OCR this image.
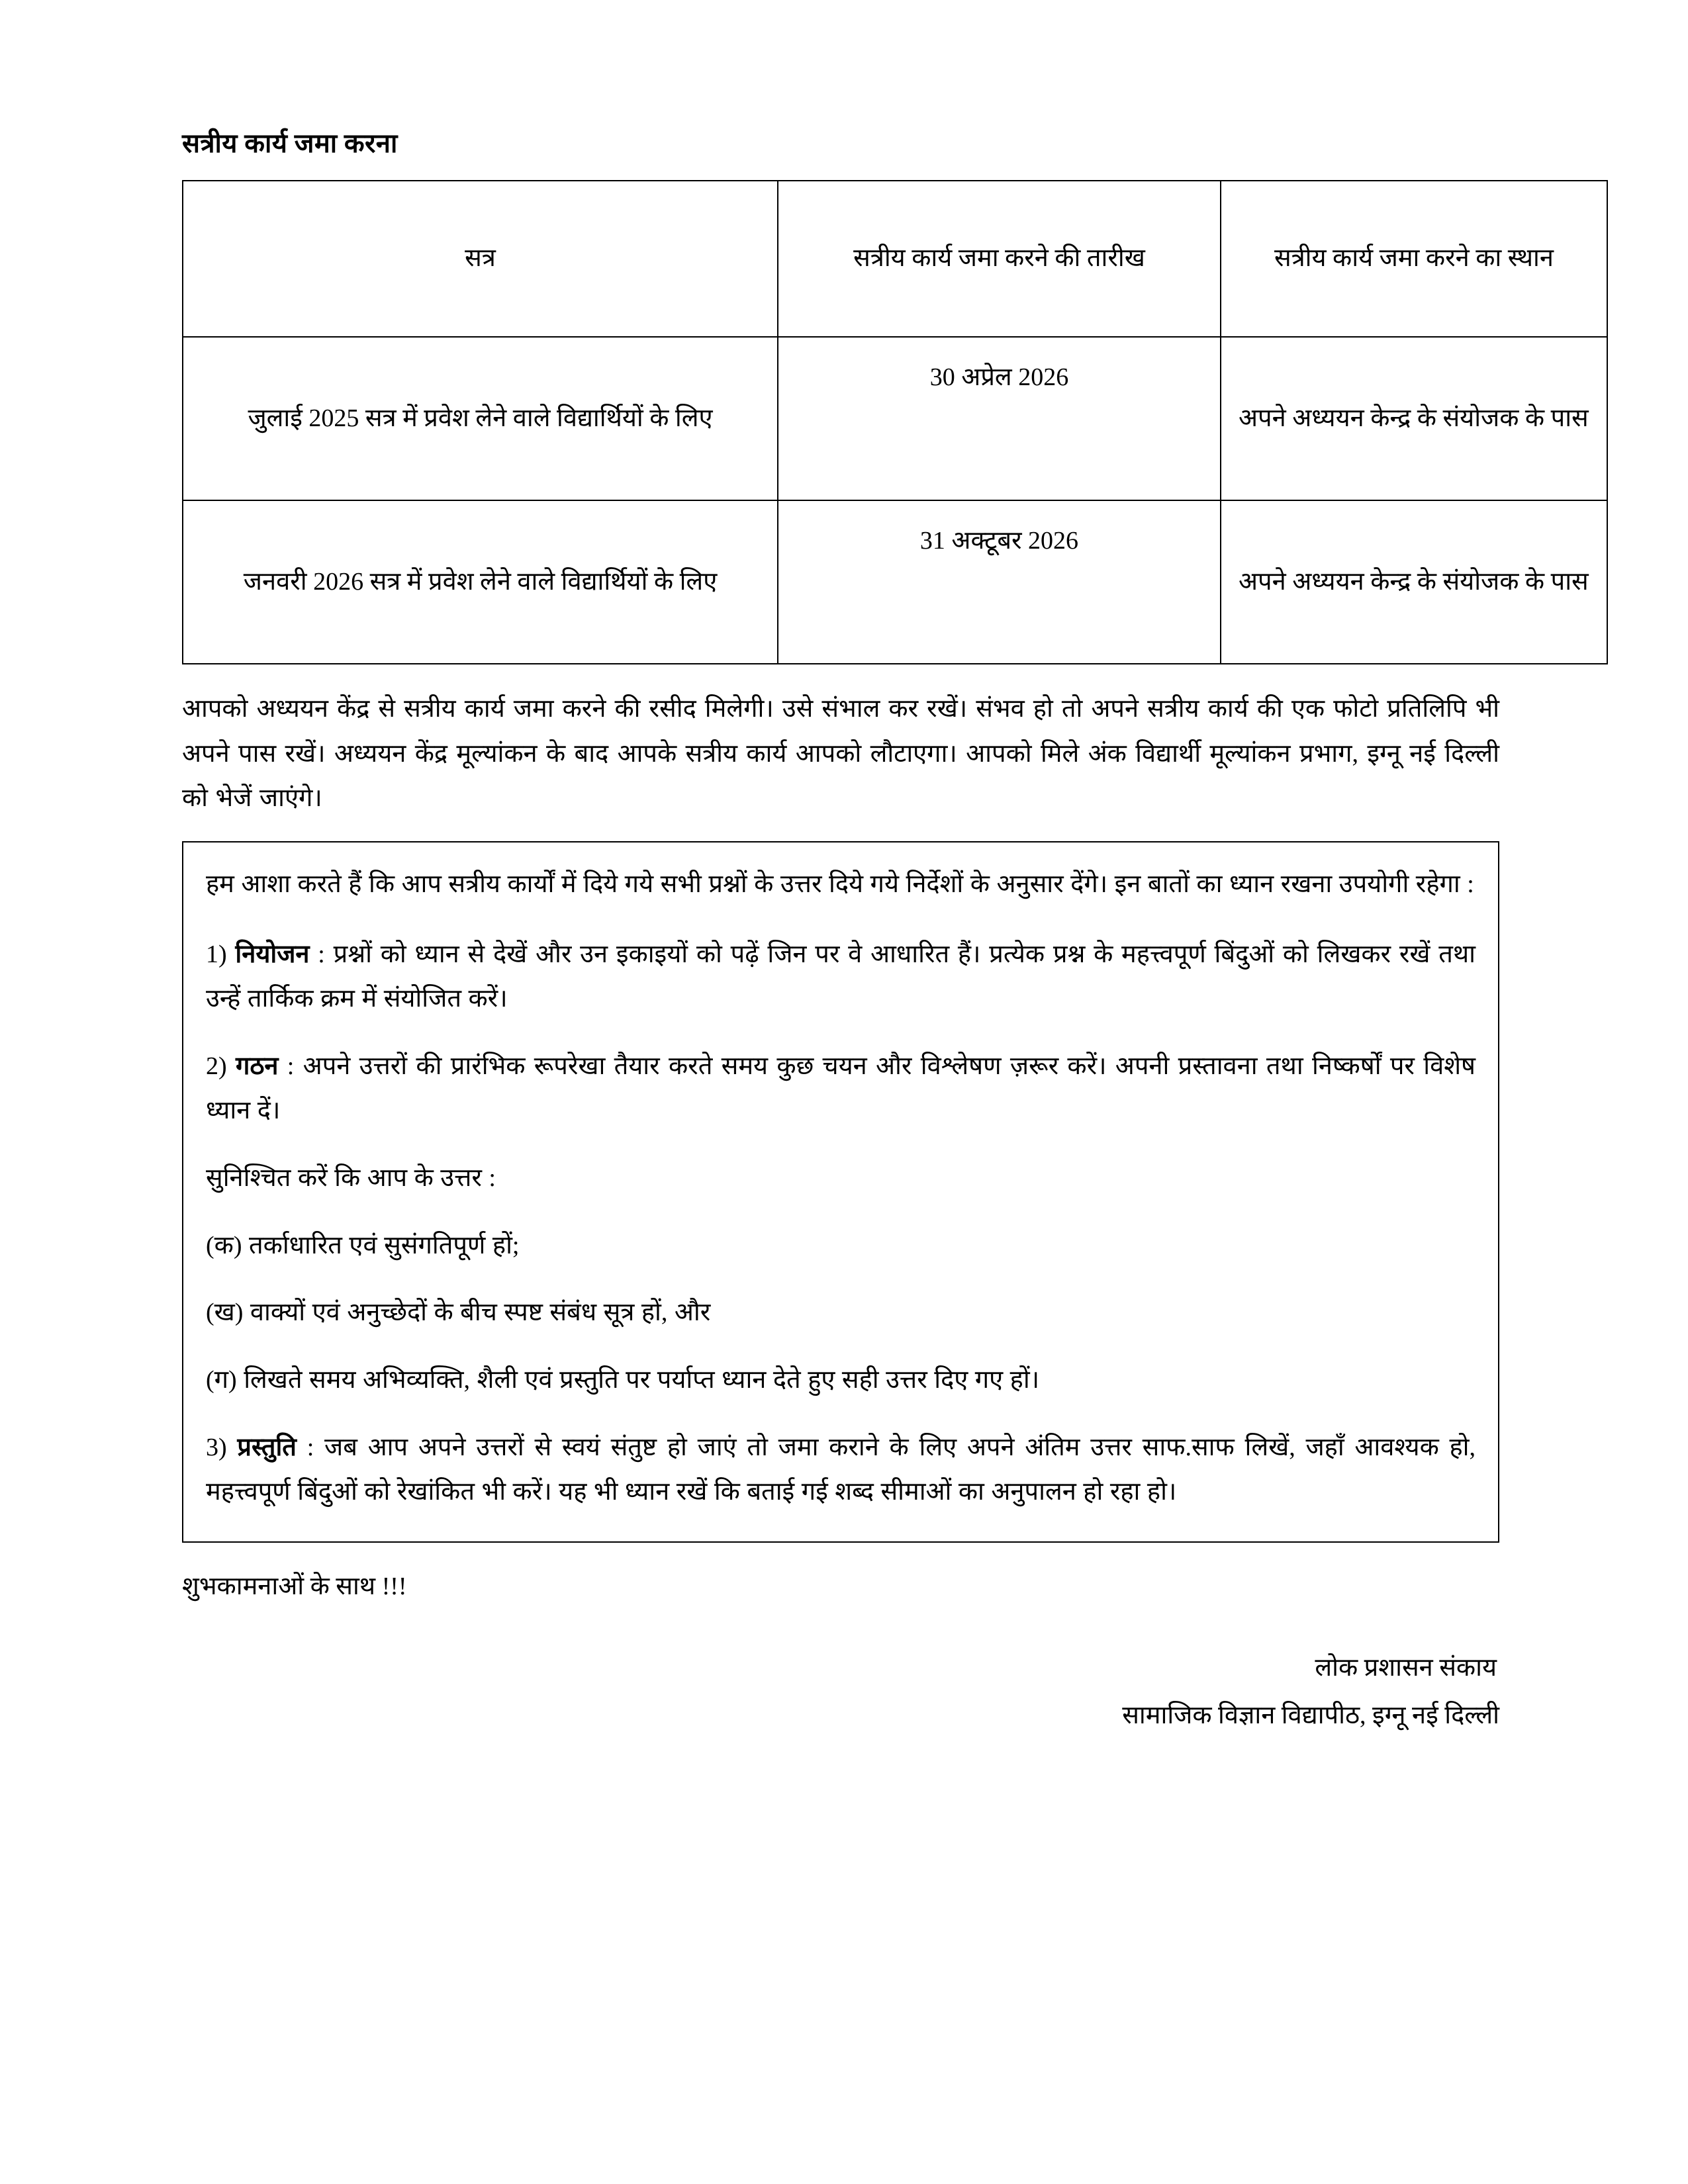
सत्रीय कार्य जमा करना
सत्र	सत्रीय कार्य जमा करने की तारीख	सत्रीय कार्य जमा करने का स्थान
जुलाई 2025 सत्र में प्रवेश लेने वाले विद्यार्थियों के लिए	30 अप्रेल 2026	अपने अध्ययन केन्द्र के संयोजक के पास
जनवरी 2026 सत्र में प्रवेश लेने वाले विद्यार्थियों के लिए	31 अक्टूबर 2026	अपने अध्ययन केन्द्र के संयोजक के पास

आपको अध्ययन केंद्र से सत्रीय कार्य जमा करने की रसीद मिलेगी। उसे संभाल कर रखें। संभव हो तो अपने सत्रीय कार्य की एक फोटो प्रतिलिपि भी अपने पास रखें। अध्ययन केंद्र मूल्यांकन के बाद आपके सत्रीय कार्य आपको लौटाएगा। आपको मिले अंक विद्यार्थी मूल्यांकन प्रभाग, इग्नू नई दिल्ली को भेजें जाएंगे।

हम आशा करते हैं कि आप सत्रीय कार्यों में दिये गये सभी प्रश्नों के उत्तर दिये गये निर्देशों के अनुसार देंगे। इन बातों का ध्यान रखना उपयोगी रहेगा :

1) नियोजन : प्रश्नों को ध्यान से देखें और उन इकाइयों को पढ़ें जिन पर वे आधारित हैं। प्रत्येक प्रश्न के महत्त्वपूर्ण बिंदुओं को लिखकर रखें तथा उन्हें तार्किक क्रम में संयोजित करें।

2) गठन : अपने उत्तरों की प्रारंभिक रूपरेखा तैयार करते समय कुछ चयन और विश्लेषण ज़रूर करें। अपनी प्रस्तावना तथा निष्कर्षों पर विशेष ध्यान दें।

सुनिश्चित करें कि आप के उत्तर :

(क) तर्काधारित एवं सुसंगतिपूर्ण हों;

(ख) वाक्यों एवं अनुच्छेदों के बीच स्पष्ट संबंध सूत्र हों, और

(ग) लिखते समय अभिव्यक्ति, शैली एवं प्रस्तुति पर पर्याप्त ध्यान देते हुए सही उत्तर दिए गए हों।

3) प्रस्तुति : जब आप अपने उत्तरों से स्वयं संतुष्ट हो जाएं तो जमा कराने के लिए अपने अंतिम उत्तर साफ.साफ लिखें, जहाँ आवश्यक हो, महत्त्वपूर्ण बिंदुओं को रेखांकित भी करें। यह भी ध्यान रखें कि बताई गई शब्द सीमाओं का अनुपालन हो रहा हो।

शुभकामनाओं के साथ !!!

लोक प्रशासन संकाय
सामाजिक विज्ञान विद्यापीठ, इग्नू नई दिल्ली
